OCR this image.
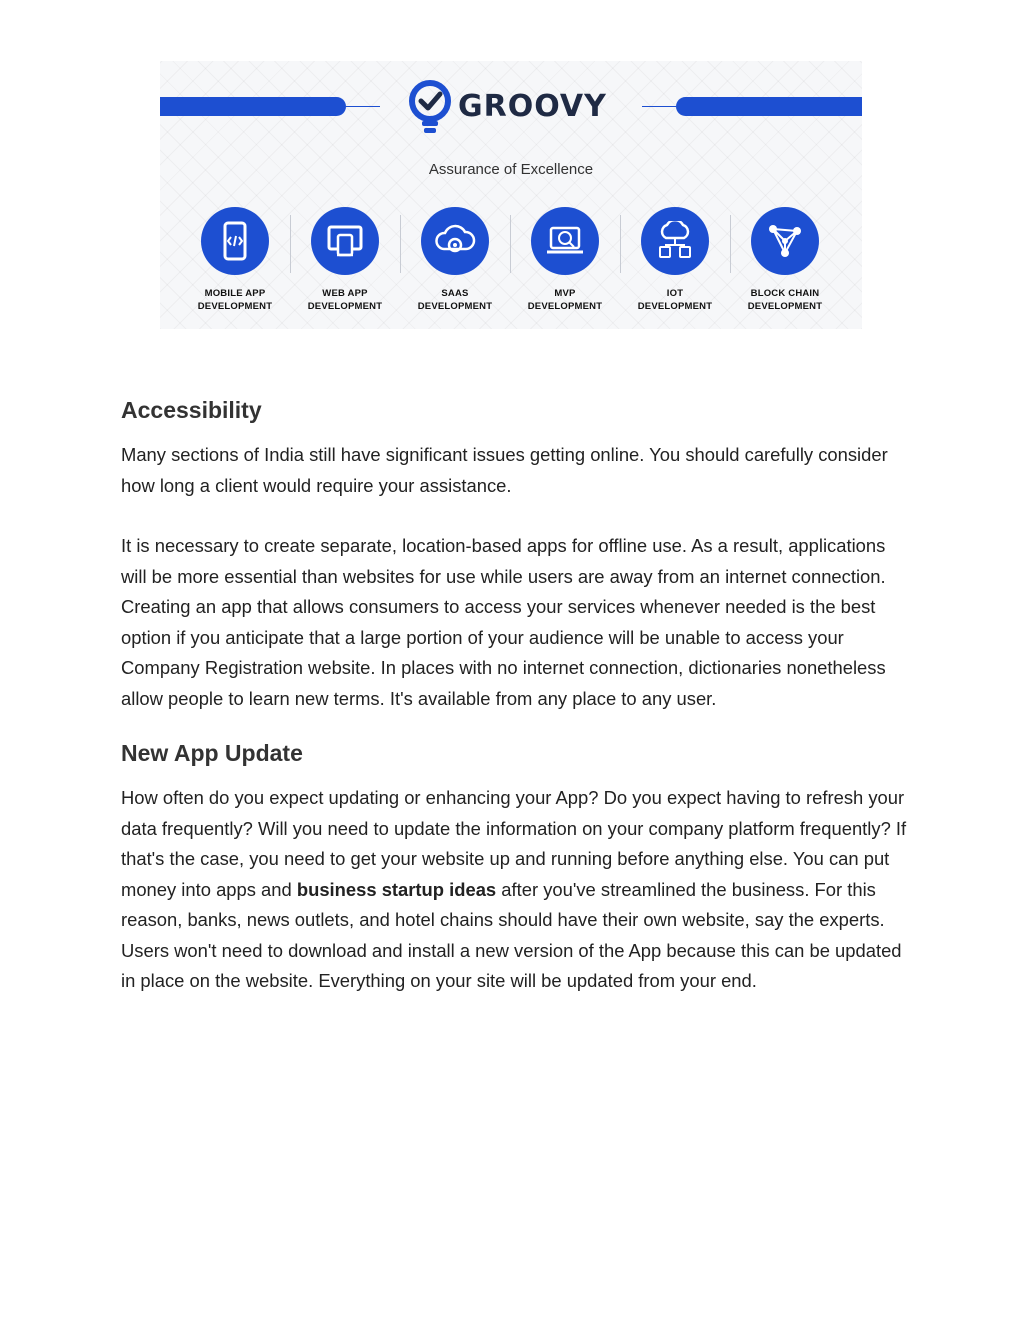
GROOVY
Assurance of Excellence
MOBILE APP
DEVELOPMENT
WEB APP
DEVELOPMENT
SAAS
DEVELOPMENT
MVP
DEVELOPMENT
IOT
DEVELOPMENT
BLOCK CHAIN
DEVELOPMENT
Accessibility

Many sections of India still have significant issues getting online. You should carefully consider how long a client would require your assistance.

It is necessary to create separate, location-based apps for offline use. As a result, applications will be more essential than websites for use while users are away from an internet connection. Creating an app that allows consumers to access your services whenever needed is the best option if you anticipate that a large portion of your audience will be unable to access your Company Registration website. In places with no internet connection, dictionaries nonetheless allow people to learn new terms. It's available from any place to any user.

New App Update

How often do you expect updating or enhancing your App? Do you expect having to refresh your data frequently? Will you need to update the information on your company platform frequently? If that's the case, you need to get your website up and running before anything else. You can put money into apps and business startup ideas after you've streamlined the business. For this reason, banks, news outlets, and hotel chains should have their own website, say the experts. Users won't need to download and install a new version of the App because this can be updated in place on the website. Everything on your site will be updated from your end.
